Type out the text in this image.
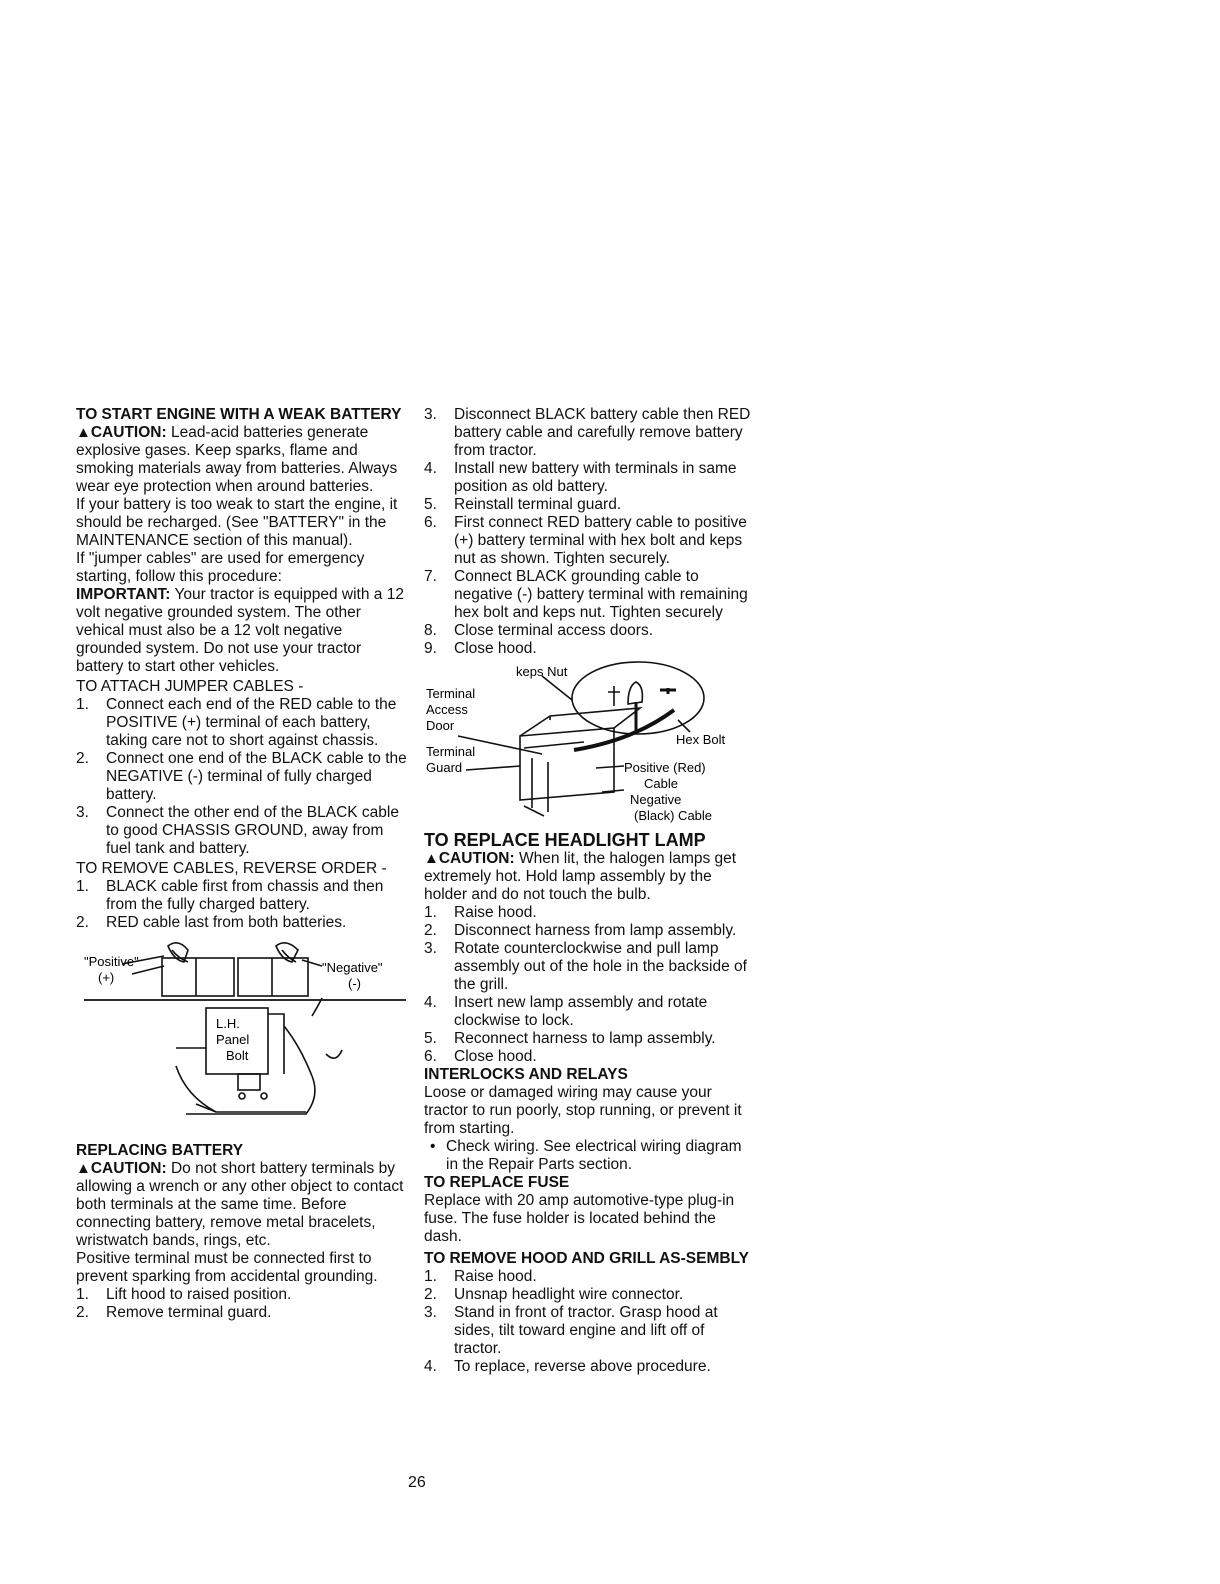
TO START ENGINE WITH A WEAK BATTERY

▲CAUTION: Lead-acid batteries generate explosive gases. Keep sparks, flame and smoking materials away from batteries. Always wear eye protection when around batteries.

If your battery is too weak to start the engine, it should be recharged. (See "BATTERY" in the MAINTENANCE section of this manual).

If "jumper cables" are used for emergency starting, follow this procedure:

IMPORTANT: Your tractor is equipped with a 12 volt negative grounded system. The other vehical must also be a 12 volt negative grounded system. Do not use your tractor battery to start other vehicles.

TO ATTACH JUMPER CABLES -
1.	Connect each end of the RED cable to the POSITIVE (+) terminal of each battery, taking care not to short against chassis.
2.	Connect one end of the BLACK cable to the NEGATIVE (-) terminal of fully charged battery.
3.	Connect the other end of the BLACK cable to good CHASSIS GROUND, away from fuel tank and battery.
TO REMOVE CABLES, REVERSE ORDER -
1.	BLACK cable first from chassis and then from the fully charged battery.
2.	RED cable last from both batteries.
"Positive"
(+)
"Negative"
(-)
L.H.
Panel
Bolt
REPLACING BATTERY

▲CAUTION: Do not short battery terminals by allowing a wrench or any other object to contact both terminals at the same time. Before connecting battery, remove metal bracelets, wristwatch bands, rings, etc.

Positive terminal must be connected first to prevent sparking from accidental grounding.

1.	Lift hood to raised position.
2.	Remove terminal guard.
3.	Disconnect BLACK battery cable then RED battery cable and carefully remove battery from tractor.
4.	Install new battery with terminals in same position as old battery.
5.	Reinstall terminal guard.
6.	First connect RED battery cable to positive (+) battery terminal with hex bolt and keps nut as shown. Tighten securely.
7.	Connect BLACK grounding cable to negative (-) battery terminal with remaining hex bolt and keps nut. Tighten securely
8.	Close terminal access doors.
9.	Close hood.
keps Nut
Terminal
Access
Door
Hex Bolt
Terminal
Guard	Positive (Red)
Cable
Negative
(Black) Cable
TO REPLACE HEADLIGHT LAMP

▲CAUTION: When lit, the halogen lamps get extremely hot. Hold lamp assembly by the holder and do not touch the bulb.

1.	Raise hood.
2.	Disconnect harness from lamp assembly.
3.	Rotate counterclockwise and pull lamp assembly out of the hole in the backside of the grill.
4.	Insert new lamp assembly and rotate clockwise to lock.
5.	Reconnect harness to lamp assembly.
6.	Close hood.
INTERLOCKS AND RELAYS

Loose or damaged wiring may cause your tractor to run poorly, stop running, or prevent it from starting.

• Check wiring. See electrical wiring diagram in the Repair Parts section.
TO REPLACE FUSE

Replace with 20 amp automotive-type plug-in fuse. The fuse holder is located behind the dash.

TO REMOVE HOOD AND GRILL AS-SEMBLY
1.	Raise hood.
2.	Unsnap headlight wire connector.
3.	Stand in front of tractor. Grasp hood at sides, tilt toward engine and lift off of tractor.
4.	To replace, reverse above procedure.
26
